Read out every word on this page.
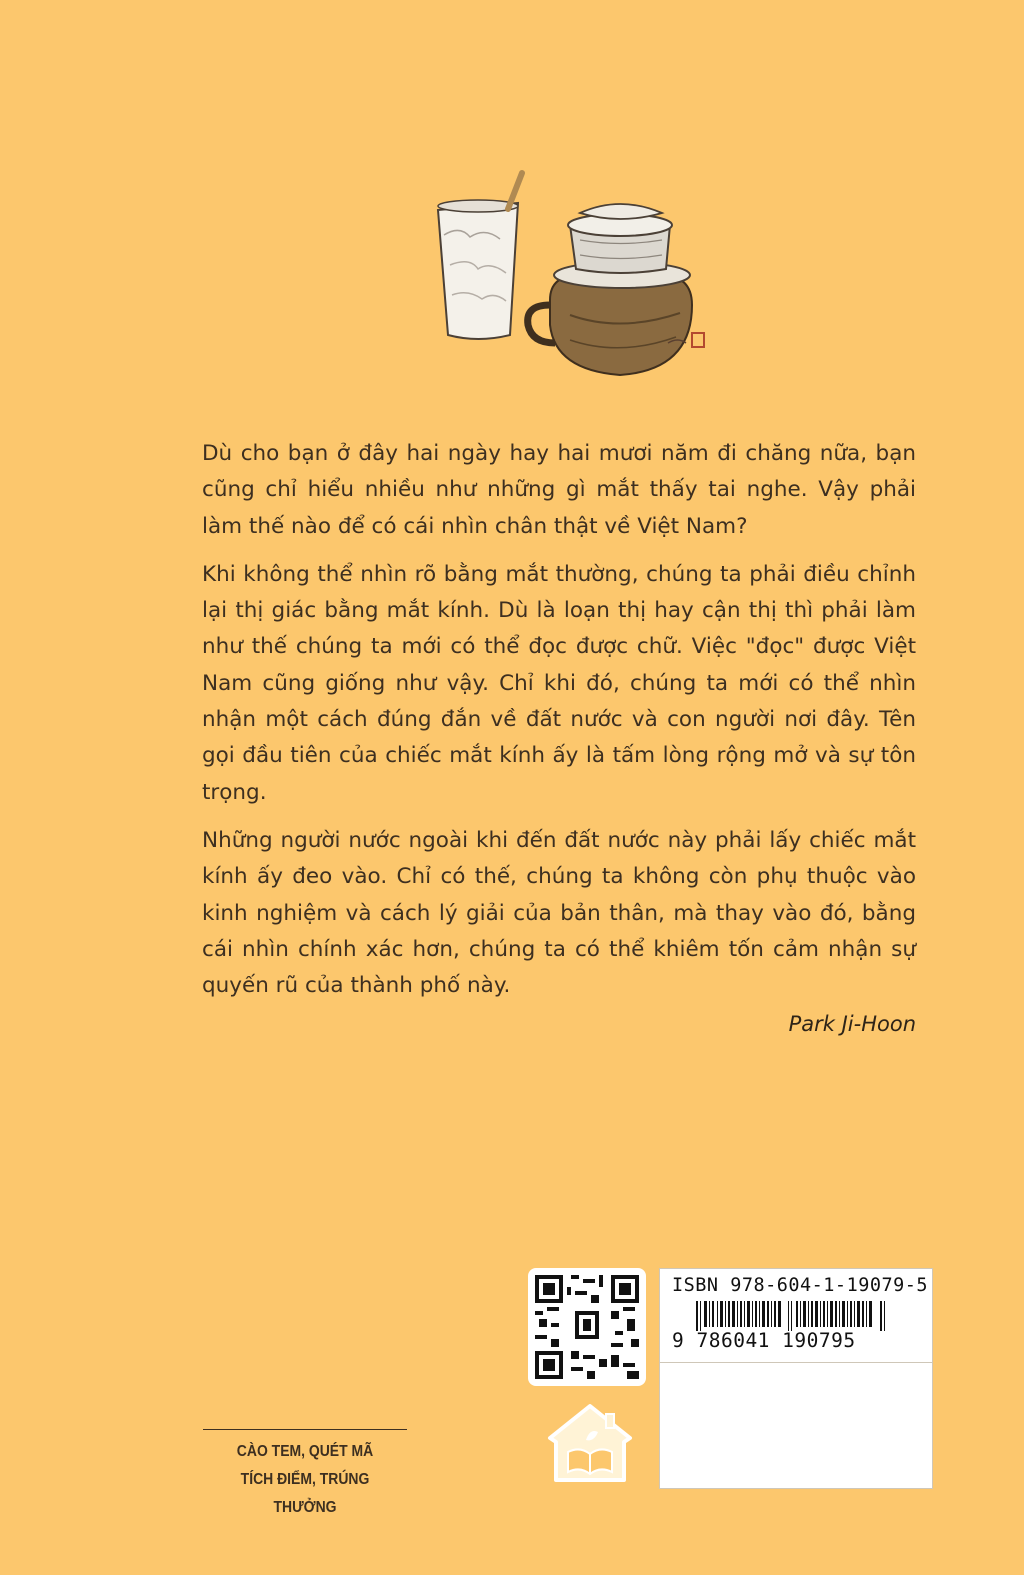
Dù cho bạn ở đây hai ngày hay hai mươi năm đi chăng nữa, bạn cũng chỉ hiểu nhiều như những gì mắt thấy tai nghe. Vậy phải làm thế nào để có cái nhìn chân thật về Việt Nam?

Khi không thể nhìn rõ bằng mắt thường, chúng ta phải điều chỉnh lại thị giác bằng mắt kính. Dù là loạn thị hay cận thị thì phải làm như thế chúng ta mới có thể đọc được chữ. Việc "đọc" được Việt Nam cũng giống như vậy. Chỉ khi đó, chúng ta mới có thể nhìn nhận một cách đúng đắn về đất nước và con người nơi đây. Tên gọi đầu tiên của chiếc mắt kính ấy là tấm lòng rộng mở và sự tôn trọng.

Những người nước ngoài khi đến đất nước này phải lấy chiếc mắt kính ấy đeo vào. Chỉ có thế, chúng ta không còn phụ thuộc vào kinh nghiệm và cách lý giải của bản thân, mà thay vào đó, bằng cái nhìn chính xác hơn, chúng ta có thể khiêm tốn cảm nhận sự quyến rũ của thành phố này.

Park Ji-Hoon
ISBN 978-604-1-19079-5
9 786041 190795
CÀO TEM, QUÉT MÃ
TÍCH ĐIỂM, TRÚNG THƯỞNG
